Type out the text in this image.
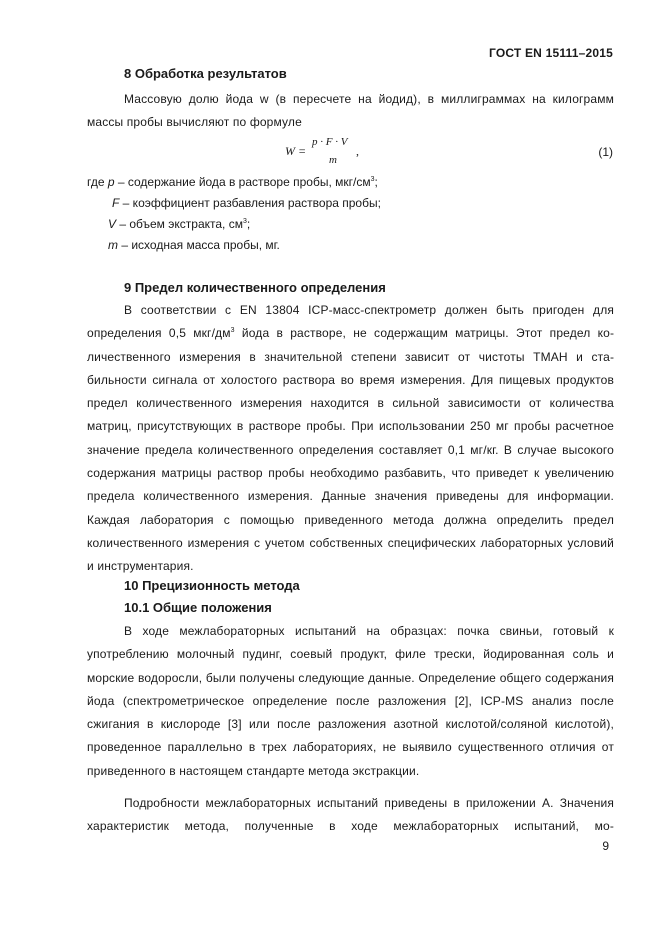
ГОСТ EN 15111–2015
8 Обработка результатов

Массовую долю йода w (в пересчете на йодид), в миллиграммах на килограмм массы пробы вычисляют по формуле

W =
p · F · V
m
,	(1)
где p – содержание йода в растворе пробы, мкг/$см^3$;
F – коэффициент разбавления раствора пробы;
V – объем экстракта, $см^3$;
m – исходная масса пробы, мг.
9 Предел количественного определения

В соответствии с EN 13804 ICP-масс-спектрометр должен быть пригоден для определения 0,5 мкг/$дм^3$ йода в растворе, не содержащим матрицы. Этот предел количественного измерения в значительной степени зависит от чистоты ТМАН и стабильности сигнала от холостого раствора во время измерения. Для пищевых продуктов предел количественного измерения находится в сильной зависимости от количества матриц, присутствующих в растворе пробы. При использовании 250 мг пробы расчетное значение предела количественного определения составляет 0,1 мг/кг. В случае высокого содержания матрицы раствор пробы необходимо разбавить, что приведет к увеличению предела количественного измерения. Данные значения приведены для информации. Каждая лаборатория с помощью приведенного метода должна определить предел количественного измерения с учетом собственных специфических лабораторных условий и инструментария.

10 Прецизионность метода
10.1 Общие положения

В ходе межлабораторных испытаний на образцах: почка свиньи, готовый к употреблению молочный пудинг, соевый продукт, филе трески, йодированная соль и морские водоросли, были получены следующие данные. Определение общего содержания йода (спектрометрическое определение после разложения [2], ICP-MS анализ после сжигания в кислороде [3] или после разложения азотной кислотой/соляной кислотой), проведенное параллельно в трех лабораториях, не выявило существенного отличия от приведенного в настоящем стандарте метода экстракции.

Подробности межлабораторных испытаний приведены в приложении А. Значения характеристик метода, полученные в ходе межлабораторных испытаний, мо-

9
